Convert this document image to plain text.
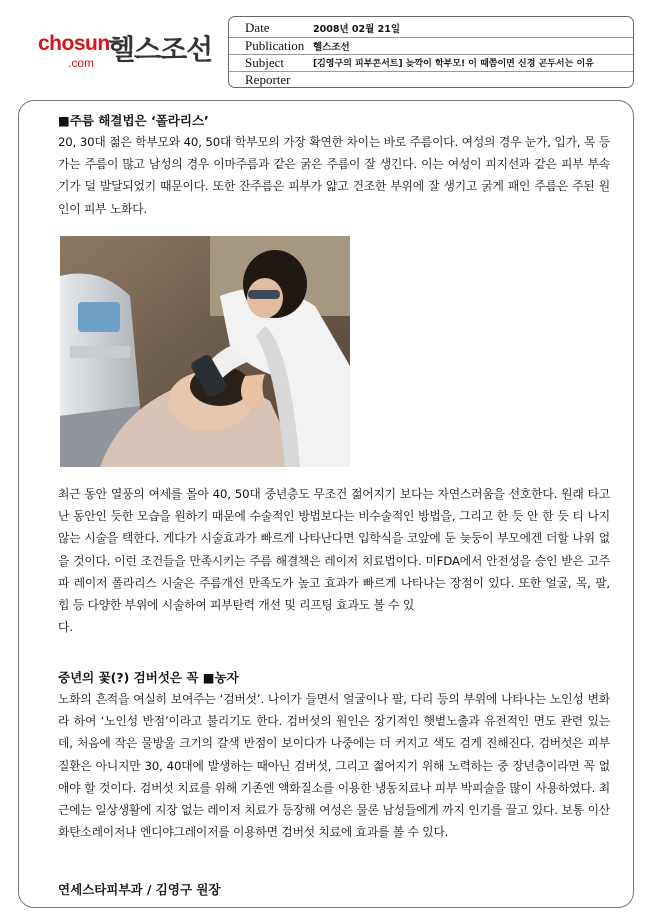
chosun
.com 헬스조선
Date	2008년 02월 21일
Publication 헬스조선
Subject	[김영구의 피부콘서트] 늦깍이 학부모! 이 때쯤이면 신경 곤두서는 이유
Reporter
■주름 해결법은 ‘폴라리스’
20, 30대 젊은 학부모와 40, 50대 학부모의 가장 확연한 차이는 바로 주름이다. 여성의 경우 눈가, 입가, 목 등 가는 주름이 많고 남성의 경우 이마주름과 같은 굵은 주름이 잘 생긴다. 이는 여성이 피지선과 같은 피부 부속기가 덜 발달되었기 때문이다. 또한 잔주름은 피부가 얇고 건조한 부위에 잘 생기고 굵게 패인 주름은 주된 원인이 피부 노화다.
최근 동안 열풍의 여세를 몰아 40, 50대 중년층도 무조건 젊어지기 보다는 자연스러움을 선호한다. 원래 타고난 동안인 듯한 모습을 원하기 때문에 수술적인 방법보다는 비수술적인 방법을, 그리고 한 듯 안 한 듯 티 나지 않는 시술을 택한다. 게다가 시술효과가 빠르게 나타난다면 입학식을 코앞에 둔 늦둥이 부모에겐 더할 나위 없을 것이다. 이런 조건들을 만족시키는 주름 해결책은 레이저 치료법이다. 미FDA에서 안전성을 승인 받은 고주파 레이저 폴라리스 시술은 주름개선 만족도가 높고 효과가 빠르게 나타나는 장점이 있다. 또한 얼굴, 목, 팔, 힙 등 다양한 부위에 시술하여 피부탄력 개선 및 리프팅 효과도 볼 수 있
다.
중년의 꽃(?) 검버섯은 꼭 ■농자
노화의 흔적을 여실히 보여주는 ‘검버섯’. 나이가 들면서 얼굴이나 팔, 다리 등의 부위에 나타나는 노인성 변화라 하여 ‘노인성 반점’이라고 불리기도 한다. 검버섯의 원인은 장기적인 햇볕노출과 유전적인 면도 관련 있는데, 처음에 작은 물방울 크기의 갈색 반점이 보이다가 나중에는 더 커지고 색도 검게 진해진다. 검버섯은 피부 질환은 아니지만 30, 40대에 발생하는 때아닌 검버섯, 그리고 젊어지기 위해 노력하는 중 장년층이라면 꼭 없애야 할 것이다. 검버섯 치료를 위해 기존엔 액화질소를 이용한 냉동치료나 피부 박피술을 많이 사용하였다. 최근에는 일상생활에 지장 없는 레이저 치료가 등장해 여성은 물론 남성들에게 까지 인기를 끌고 있다. 보통 이산화탄소레이저나 엔디야그레이저를 이용하면 검버섯 치료에 효과를 볼 수 있다.
연세스타피부과 / 김영구 원장
